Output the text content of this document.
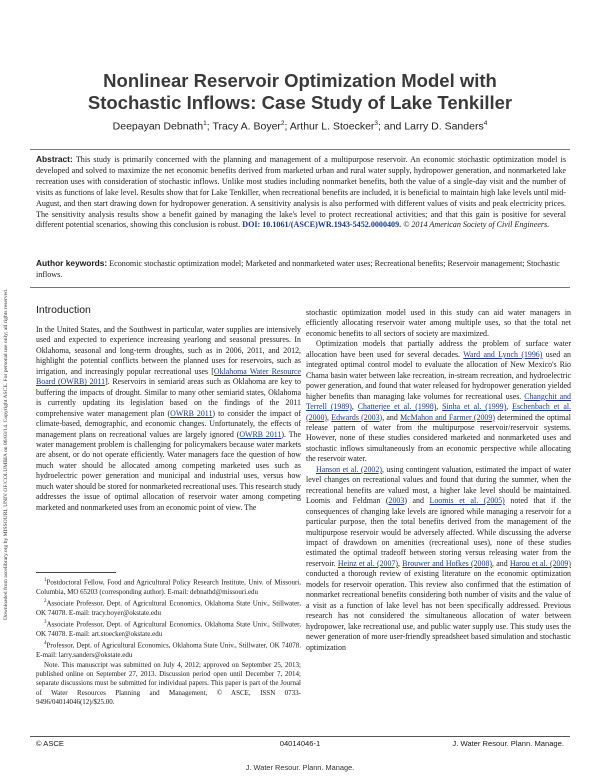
Downloaded from ascelibrary.org by MISSOURI, UNIV OF/COLUMBIA on 06/03/14. Copyright ASCE. For personal use only; all rights reserved.
Nonlinear Reservoir Optimization Model with
Stochastic Inflows: Case Study of Lake Tenkiller
Deepayan Debnath$^1$; Tracy A. Boyer$^2$; Arthur L. Stoecker$^3$; and Larry D. Sanders$^4$
Abstract: This study is primarily concerned with the planning and management of a multipurpose reservoir. An economic stochastic optimization model is developed and solved to maximize the net economic benefits derived from marketed urban and rural water supply, hydropower generation, and nonmarketed lake recreation uses with consideration of stochastic inflows. Unlike most studies including nonmarket benefits, both the value of a single-day visit and the number of visits as functions of lake level. Results show that for Lake Tenkiller, when recreational benefits are included, it is beneficial to maintain high lake levels until mid-August, and then start drawing down for hydropower generation. A sensitivity analysis is also performed with different values of visits and peak electricity prices. The sensitivity analysis results show a benefit gained by managing the lake's level to protect recreational activities; and that this gain is positive for several different potential scenarios, showing this conclusion is robust. DOI: 10.1061/(ASCE)WR.1943-5452.0000409. © 2014 American Society of Civil Engineers.
Author keywords: Economic stochastic optimization model; Marketed and nonmarketed water uses; Recreational benefits; Reservoir management; Stochastic inflows.
Introduction

In the United States, and the Southwest in particular, water supplies are intensively used and expected to experience increasing yearlong and seasonal pressures. In Oklahoma, seasonal and long-term droughts, such as in 2006, 2011, and 2012, highlight the potential conflicts between the planned uses for reservoirs, such as irrigation, and increasingly popular recreational uses [Oklahoma Water Resource Board (OWRB) 2011]. Reservoirs in semiarid areas such as Oklahoma are key to buffering the impacts of drought. Similar to many other semiarid states, Oklahoma is currently updating its legislation based on the findings of the 2011 comprehensive water management plan (OWRB 2011) to consider the impact of climate-based, demographic, and economic changes. Unfortunately, the effects of management plans on recreational values are largely ignored (OWRB 2011). The water management problem is challenging for policymakers because water markets are absent, or do not operate efficiently. Water managers face the question of how much water should be allocated among competing marketed uses such as hydroelectric power generation and municipal and industrial uses, versus how much water should be stored for nonmarketed recreational uses. This research study addresses the issue of optimal allocation of reservoir water among competing marketed and nonmarketed uses from an economic point of view. The

$^1$Postdoctoral Fellow, Food and Agricultural Policy Research Institute, Univ. of Missouri, Columbia, MO 65203 (corresponding author). E-mail: debnathd@missouri.edu

$^2$Associate Professor, Dept. of Agricultural Economics, Oklahoma State Univ., Stillwater, OK 74078. E-mail: tracy.boyer@okstate.edu

$^3$Associate Professor, Dept. of Agricultural Economics, Oklahoma State Univ., Stillwater, OK 74078. E-mail: art.stoecker@okstate.edu

$^4$Professor, Dept. of Agricultural Economics, Oklahoma State Univ., Stillwater, OK 74078. E-mail: larry.sanders@okstate.edu

Note. This manuscript was submitted on July 4, 2012; approved on September 25, 2013; published online on September 27, 2013. Discussion period open until December 7, 2014; separate discussions must be submitted for individual papers. This paper is part of the Journal of Water Resources Planning and Management, © ASCE, ISSN 0733-9496/04014046(12)/$25.00.

stochastic optimization model used in this study can aid water managers in efficiently allocating reservoir water among multiple uses, so that the total net economic benefits to all sectors of society are maximized.

Optimization models that partially address the problem of surface water allocation have been used for several decades. Ward and Lynch (1996) used an integrated optimal control model to evaluate the allocation of New Mexico's Rio Chama basin water between lake recreation, in-stream recreation, and hydroelectric power generation, and found that water released for hydropower generation yielded higher benefits than managing lake volumes for recreational uses. Changchit and Terrell (1989), Chatterjee et al. (1998), Sinha et al. (1999), Eschenbach et al. (2000), Edwards (2003), and McMahon and Farmer (2009) determined the optimal release pattern of water from the multipurpose reservoir/reservoir systems. However, none of these studies considered marketed and nonmarketed uses and stochastic inflows simultaneously from an economic perspective while allocating the reservoir water.

Hanson et al. (2002), using contingent valuation, estimated the impact of water level changes on recreational values and found that during the summer, when the recreational benefits are valued most, a higher lake level should be maintained. Loomis and Feldman (2003) and Loomis et al. (2005) noted that if the consequences of changing lake levels are ignored while managing a reservoir for a particular purpose, then the total benefits derived from the management of the multipurpose reservoir would be adversely affected. While discussing the adverse impact of drawdown on amenities (recreational uses), none of these studies estimated the optimal tradeoff between storing versus releasing water from the reservoir. Heinz et al. (2007), Brouwer and Hofkes (2008), and Harou et al. (2009) conducted a thorough review of existing literature on the economic optimization models for reservoir operation. This review also confirmed that the estimation of nonmarket recreational benefits considering both number of visits and the value of a visit as a function of lake level has not been specifically addressed. Previous research has not considered the simultaneous allocation of water between hydropower, lake recreational use, and public water supply use. This study uses the newer generation of more user-friendly spreadsheet based simulation and stochastic optimization

© ASCE	04014046-1	J. Water Resour. Plann. Manage.
J. Water Resour. Plann. Manage.
